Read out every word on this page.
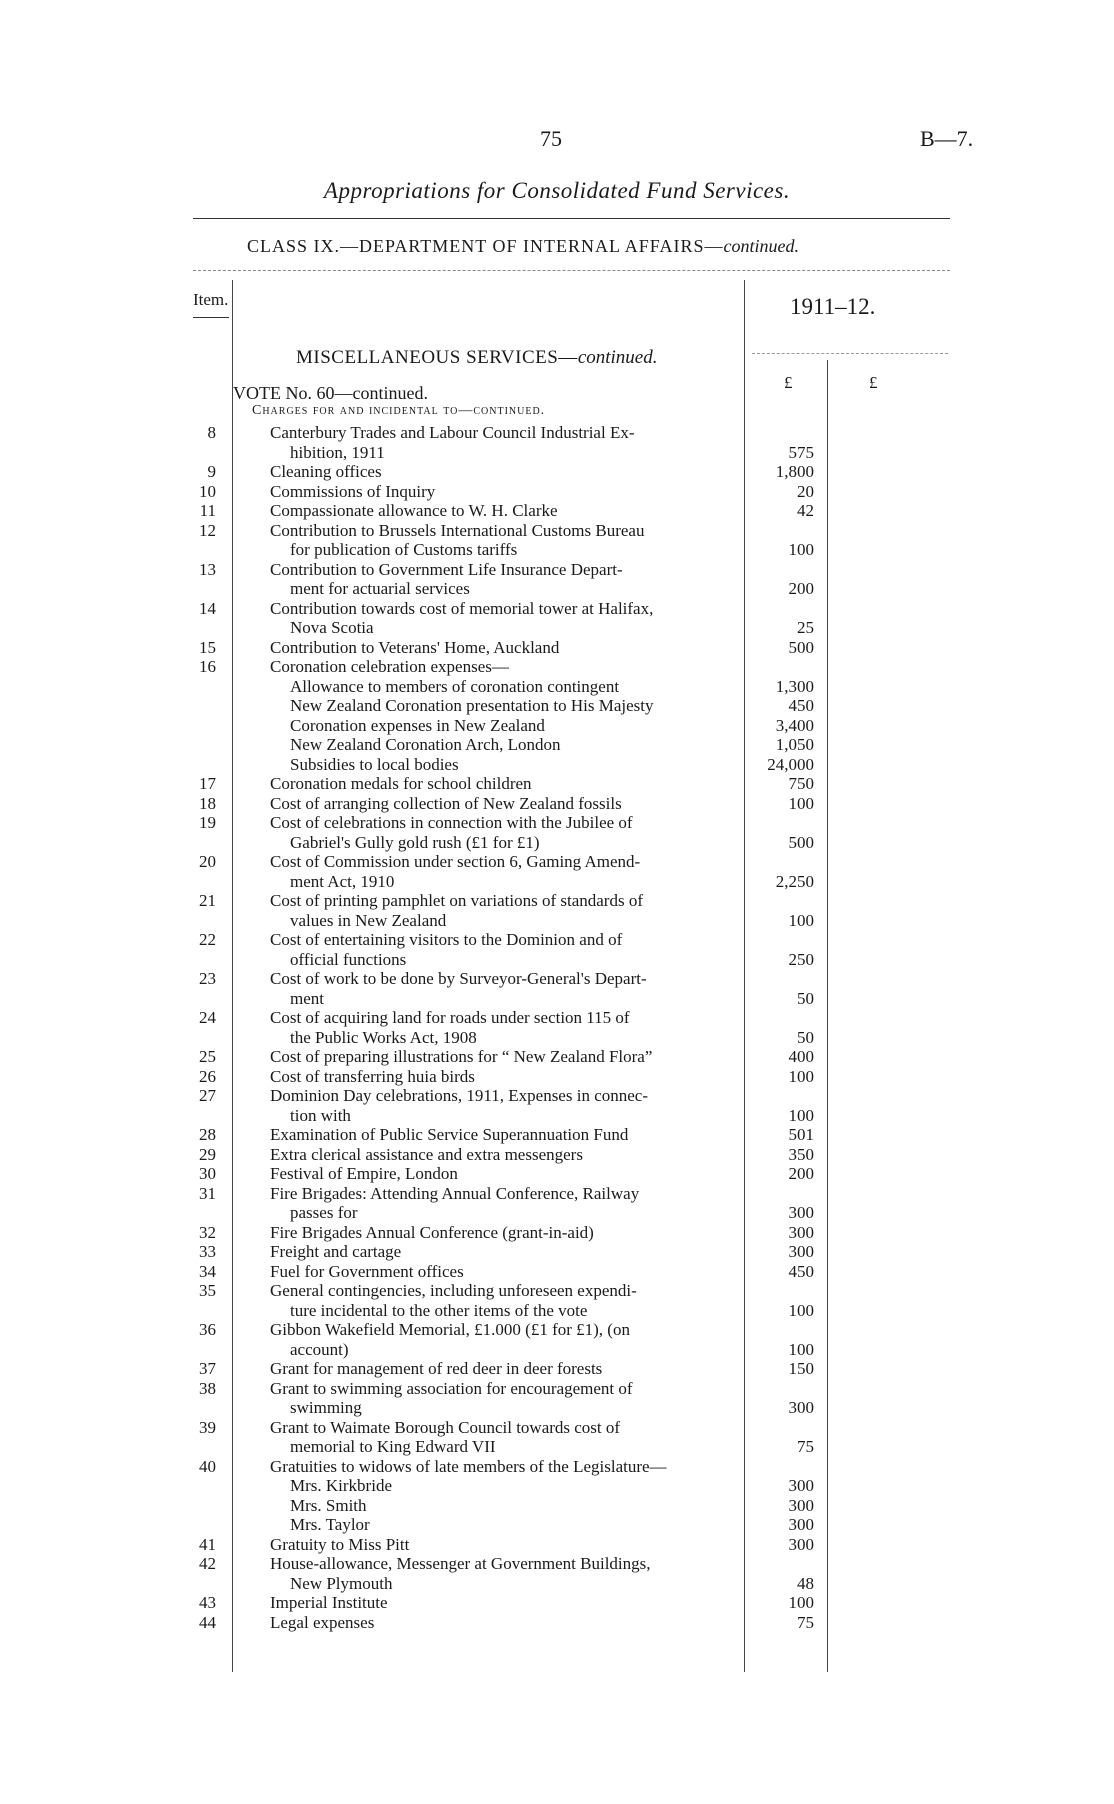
75	B—7.
Appropriations for Consolidated Fund Services.
CLASS IX.—DEPARTMENT OF INTERNAL AFFAIRS—continued.
Item.	1911–12.
MISCELLANEOUS SERVICES—continued.
£	£
VOTE No. 60—continued.
Charges for and incidental to—continued.
8	Canterbury Trades and Labour Council Industrial Ex-
hibition, 1911	575
9	Cleaning offices	1,800
10	Commissions of Inquiry	20
11	Compassionate allowance to W. H. Clarke	42
12	Contribution to Brussels International Customs Bureau
for publication of Customs tariffs	100
13	Contribution to Government Life Insurance Depart-
ment for actuarial services	200
14	Contribution towards cost of memorial tower at Halifax,
Nova Scotia	25
15	Contribution to Veterans' Home, Auckland	500
16	Coronation celebration expenses—
Allowance to members of coronation contingent	1,300
New Zealand Coronation presentation to His Majesty	450
Coronation expenses in New Zealand	3,400
New Zealand Coronation Arch, London	1,050
Subsidies to local bodies	24,000
17	Coronation medals for school children	750
18	Cost of arranging collection of New Zealand fossils	100
19	Cost of celebrations in connection with the Jubilee of
Gabriel's Gully gold rush (£1 for £1)	500
20	Cost of Commission under section 6, Gaming Amend-
ment Act, 1910	2,250
21	Cost of printing pamphlet on variations of standards of
values in New Zealand	100
22	Cost of entertaining visitors to the Dominion and of
official functions	250
23	Cost of work to be done by Surveyor-General's Depart-
ment	50
24	Cost of acquiring land for roads under section 115 of
the Public Works Act, 1908	50
25	Cost of preparing illustrations for “ New Zealand Flora”	400
26	Cost of transferring huia birds	100
27	Dominion Day celebrations, 1911, Expenses in connec-
tion with	100
28	Examination of Public Service Superannuation Fund	501
29	Extra clerical assistance and extra messengers	350
30	Festival of Empire, London	200
31	Fire Brigades: Attending Annual Conference, Railway
passes for	300
32	Fire Brigades Annual Conference (grant-in-aid)	300
33	Freight and cartage	300
34	Fuel for Government offices	450
35	General contingencies, including unforeseen expendi-
ture incidental to the other items of the vote	100
36	Gibbon Wakefield Memorial, £1.000 (£1 for £1), (on
account)	100
37	Grant for management of red deer in deer forests	150
38	Grant to swimming association for encouragement of
swimming	300
39	Grant to Waimate Borough Council towards cost of
memorial to King Edward VII	75
40	Gratuities to widows of late members of the Legislature—
Mrs. Kirkbride	300
Mrs. Smith	300
Mrs. Taylor	300
41	Gratuity to Miss Pitt	300
42	House-allowance, Messenger at Government Buildings,
New Plymouth	48
43	Imperial Institute	100
44	Legal expenses	75
